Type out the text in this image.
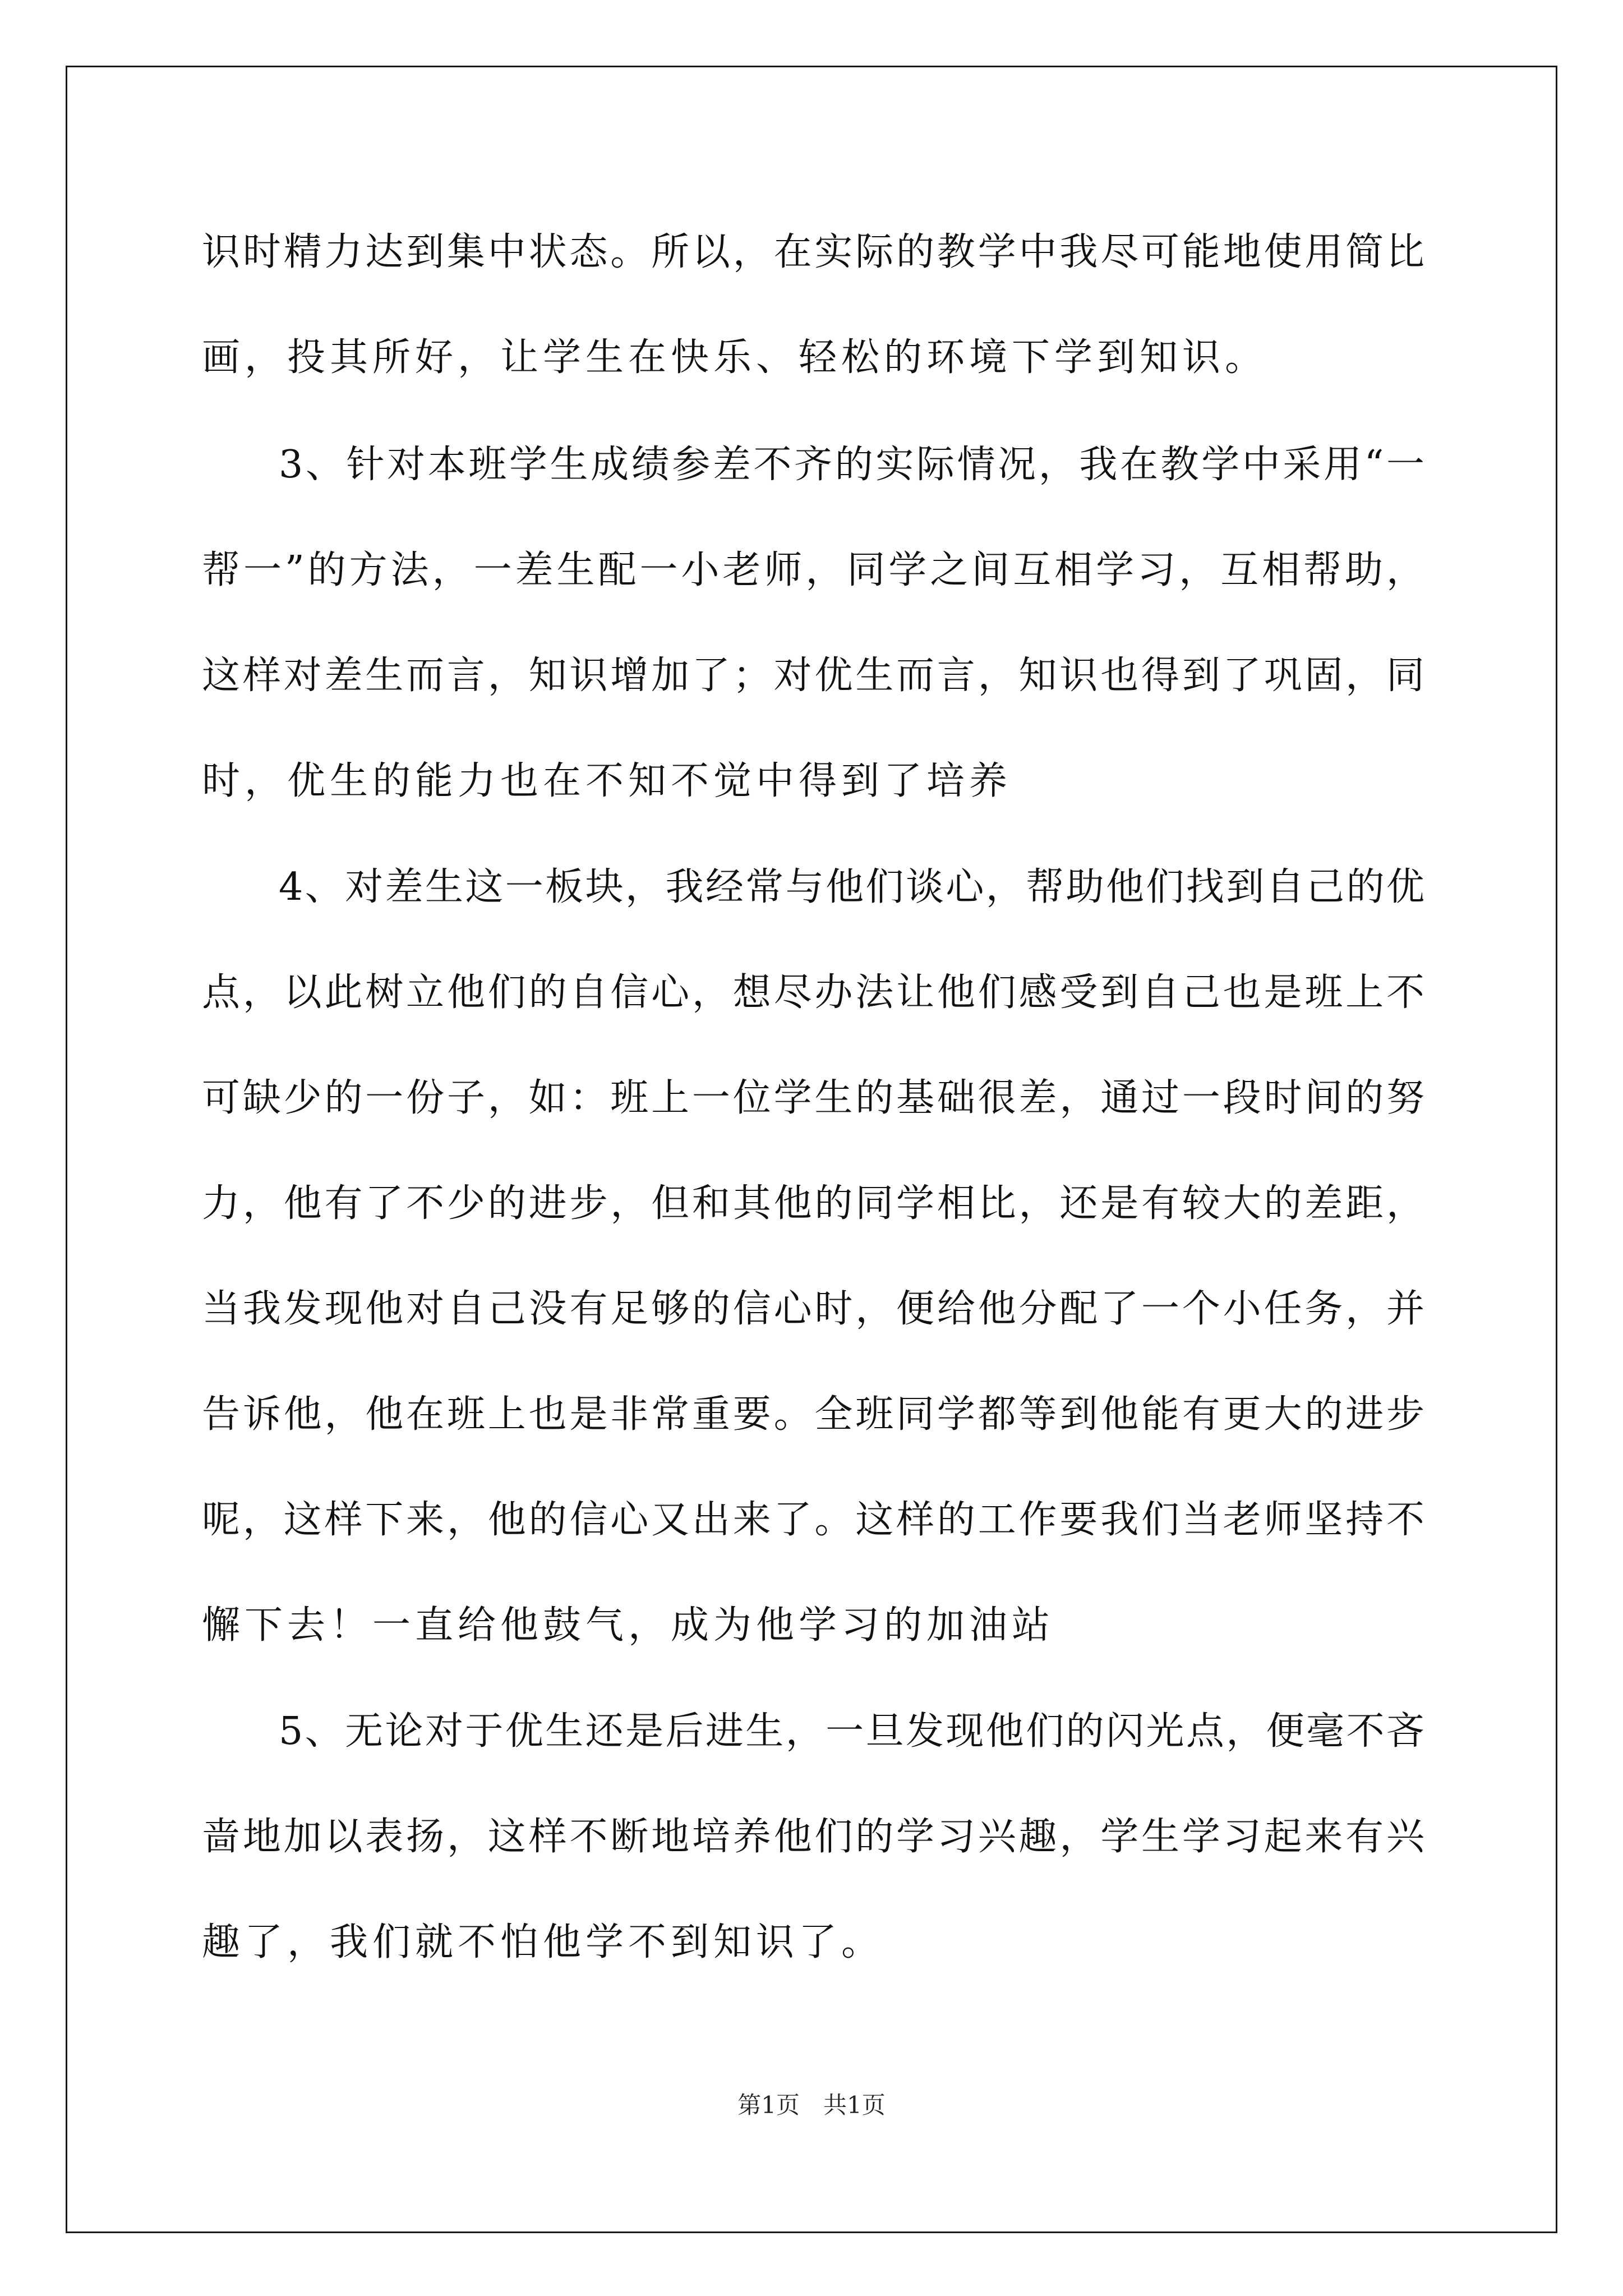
识时精力达到集中状态。所以，在实际的教学中我尽可能地使用简比
画，投其所好，让学生在快乐、轻松的环境下学到知识。
3、针对本班学生成绩参差不齐的实际情况，我在教学中采用“一
帮一”的方法，一差生配一小老师，同学之间互相学习，互相帮助，
这样对差生而言，知识增加了；对优生而言，知识也得到了巩固，同
时，优生的能力也在不知不觉中得到了培养
4、对差生这一板块，我经常与他们谈心，帮助他们找到自己的优
点，以此树立他们的自信心，想尽办法让他们感受到自己也是班上不
可缺少的一份子，如：班上一位学生的基础很差，通过一段时间的努
力，他有了不少的进步，但和其他的同学相比，还是有较大的差距，
当我发现他对自己没有足够的信心时，便给他分配了一个小任务，并
告诉他，他在班上也是非常重要。全班同学都等到他能有更大的进步
呢，这样下来，他的信心又出来了。这样的工作要我们当老师坚持不
懈下去！一直给他鼓气，成为他学习的加油站
5、无论对于优生还是后进生，一旦发现他们的闪光点，便毫不吝
啬地加以表扬，这样不断地培养他们的学习兴趣，学生学习起来有兴
趣了，我们就不怕他学不到知识了。
第1页　共1页
